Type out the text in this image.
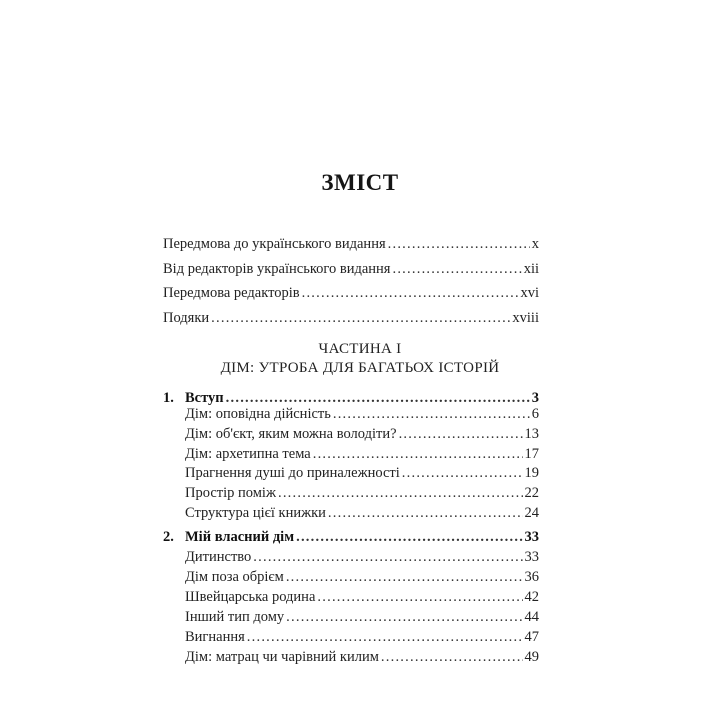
ЗМІСТ
Передмова до українського видання . . .	x
Від редакторів українського видання . . .	xii
Передмова редакторів . . .	xvi
Подяки . . .	xviii
ЧАСТИНА І
ДІМ: УТРОБА ДЛЯ БАГАТЬОХ ІСТОРІЙ
1. Вступ . . .	3
Дім: оповідна дійсність . . .	6
Дім: об'єкт, яким можна володіти? . . .	13
Дім: архетипна тема . . .	17
Прагнення душі до приналежності . . .	19
Простір поміж . . .	22
Структура цієї книжки . . .	24
2. Мій власний дім . . .	33
Дитинство . . .	33
Дім поза обрієм . . .	36
Швейцарська родина . . .	42
Інший тип дому . . .	44
Вигнання . . .	47
Дім: матрац чи чарівний килим . . .	49
